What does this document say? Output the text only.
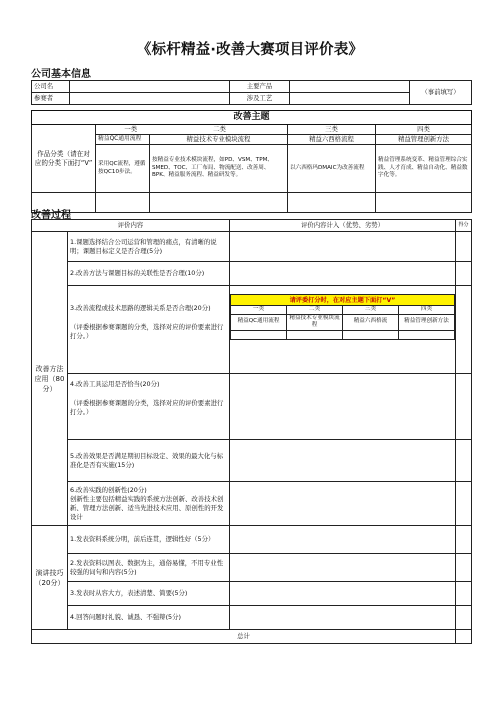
《标杆精益·改善大赛项目评价表》
公司基本信息
公司名		主要产品		（事前填写）
参赛者		涉及工艺		
改善主题				
作品分类（请在对应的分类下面打“V”	一类 二类		三类	四类
	精益QC通用流程	精益技术专业模块流程	精益六西格流程	精益管理创新方法
	采用QC流程，遵循按QC10步法。	按精益专业技术模块流程，如PD、VSM、TPM、SMED、TOC、工厂布局、物流配送、改善周、BPK、精益服务流程、精益研发等。	以六西格玛DMAIC为改善流程	精益管理系统变革、精益管理综合实践、人才育成、精益自动化、精益数字化等。

改善过程
评价内容	评价内容计入（优势、劣势）	得分
改善方法应用（80分）	1.课题选择结合公司运营和管理的痛点，有清晰的说明；课题目标定义是否合理(5分)		
2.改善方法与课题目标的关联性是否合理(10分)		

3.改善流程或技术思路的逻辑关系是否合理(20分)
（评委根据参赛课题的分类，选择对应的评价要素进行打分。）

请评委打分时，在对应主题下面打“V”
一类	二类	三类	四类
精益QC通用流程	精益技术专业模块流程	精益六西格流	精益管理创新方法

4.改善工具运用是否恰当(20分)
（评委根据参赛课题的分类，选择对应的评价要素进行打分。）

5.改善效果是否满足期初目标设定、效果的最大化与标准化是否有实施(15分)		

6.改善实践的创新性(20分)
创新性主要包括精益实践的系统方法创新、改善技术创新、管理方法创新、适当先进技术应用、原创性的开发设计

演讲技巧（20分）	1.发表资料系统分明，前后连贯，逻辑性好（5分）		
2.发表资料以图表、数据为主，通俗易懂，不用专业性较强的词句和内容(5分)		
3.发表时从容大方，表述清楚、简要(5分)		
4.回答问题时礼貌、诚恳、不强辩(5分)		
总计	
